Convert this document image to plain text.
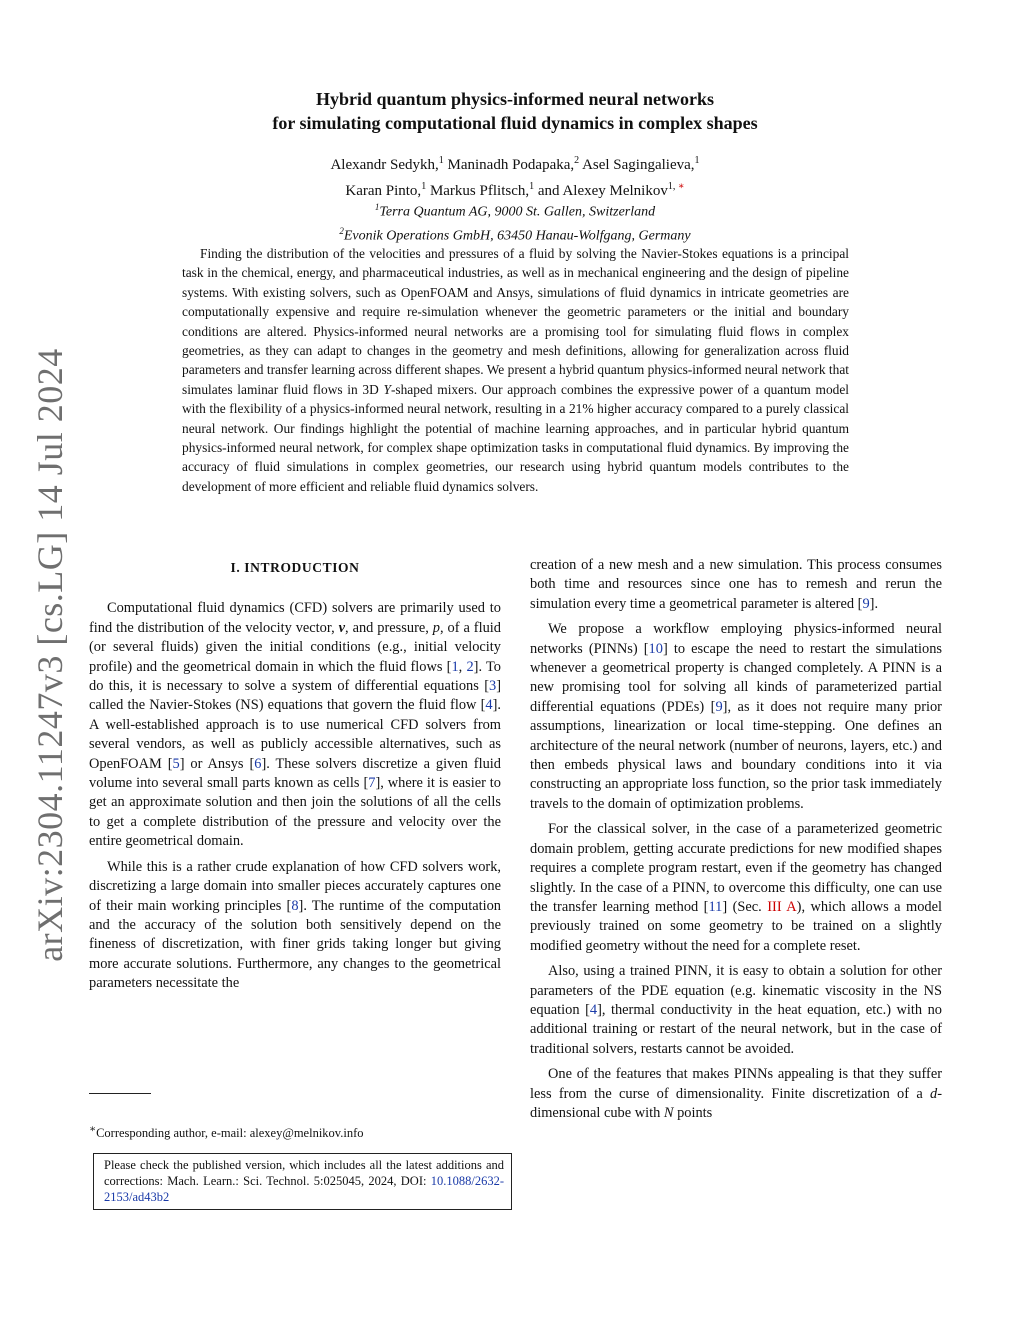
arXiv:2304.11247v3 [cs.LG] 14 Jul 2024
Hybrid quantum physics-informed neural networks
for simulating computational fluid dynamics in complex shapes
Alexandr Sedykh,$^1$ Maninadh Podapaka,$^2$ Asel Sagingalieva,$^1$
Karan Pinto,$^1$ Markus Pflitsch,$^1$ and Alexey Melnikov$^{1, ∗}$
$^1$Terra Quantum AG, 9000 St. Gallen, Switzerland
$^2$Evonik Operations GmbH, 63450 Hanau-Wolfgang, Germany
Finding the distribution of the velocities and pressures of a fluid by solving the Navier-Stokes equations is a principal task in the chemical, energy, and pharmaceutical industries, as well as in mechanical engineering and the design of pipeline systems. With existing solvers, such as OpenFOAM and Ansys, simulations of fluid dynamics in intricate geometries are computationally expensive and require re-simulation whenever the geometric parameters or the initial and boundary conditions are altered. Physics-informed neural networks are a promising tool for simulating fluid flows in complex geometries, as they can adapt to changes in the geometry and mesh definitions, allowing for generalization across fluid parameters and transfer learning across different shapes. We present a hybrid quantum physics-informed neural network that simulates laminar fluid flows in 3D Y-shaped mixers. Our approach combines the expressive power of a quantum model with the flexibility of a physics-informed neural network, resulting in a 21% higher accuracy compared to a purely classical neural network. Our findings highlight the potential of machine learning approaches, and in particular hybrid quantum physics-informed neural network, for complex shape optimization tasks in computational fluid dynamics. By improving the accuracy of fluid simulations in complex geometries, our research using hybrid quantum models contributes to the development of more efficient and reliable fluid dynamics solvers.
I. INTRODUCTION

Computational fluid dynamics (CFD) solvers are primarily used to find the distribution of the velocity vector, v, and pressure, p, of a fluid (or several fluids) given the initial conditions (e.g., initial velocity profile) and the geometrical domain in which the fluid flows [1, 2]. To do this, it is necessary to solve a system of differential equations [3] called the Navier-Stokes (NS) equations that govern the fluid flow [4]. A well-established approach is to use numerical CFD solvers from several vendors, as well as publicly accessible alternatives, such as OpenFOAM [5] or Ansys [6]. These solvers discretize a given fluid volume into several small parts known as cells [7], where it is easier to get an approximate solution and then join the solutions of all the cells to get a complete distribution of the pressure and velocity over the entire geometrical domain.

While this is a rather crude explanation of how CFD solvers work, discretizing a large domain into smaller pieces accurately captures one of their main working principles [8]. The runtime of the computation and the accuracy of the solution both sensitively depend on the fineness of discretization, with finer grids taking longer but giving more accurate solutions. Furthermore, any changes to the geometrical parameters necessitate the

creation of a new mesh and a new simulation. This process consumes both time and resources since one has to remesh and rerun the simulation every time a geometrical parameter is altered [9].

We propose a workflow employing physics-informed neural networks (PINNs) [10] to escape the need to restart the simulations whenever a geometrical property is changed completely. A PINN is a new promising tool for solving all kinds of parameterized partial differential equations (PDEs) [9], as it does not require many prior assumptions, linearization or local time-stepping. One defines an architecture of the neural network (number of neurons, layers, etc.) and then embeds physical laws and boundary conditions into it via constructing an appropriate loss function, so the prior task immediately travels to the domain of optimization problems.

For the classical solver, in the case of a parameterized geometric domain problem, getting accurate predictions for new modified shapes requires a complete program restart, even if the geometry has changed slightly. In the case of a PINN, to overcome this difficulty, one can use the transfer learning method [11] (Sec. III A), which allows a model previously trained on some geometry to be trained on a slightly modified geometry without the need for a complete reset.

Also, using a trained PINN, it is easy to obtain a solution for other parameters of the PDE equation (e.g. kinematic viscosity in the NS equation [4], thermal conductivity in the heat equation, etc.) with no additional training or restart of the neural network, but in the case of traditional solvers, restarts cannot be avoided.

One of the features that makes PINNs appealing is that they suffer less from the curse of dimensionality. Finite discretization of a d-dimensional cube with N points

∗Corresponding author, e-mail: alexey@melnikov.info
Please check the published version, which includes all the latest additions and corrections: Mach. Learn.: Sci. Technol. 5:025045, 2024, DOI: 10.1088/2632-2153/ad43b2
